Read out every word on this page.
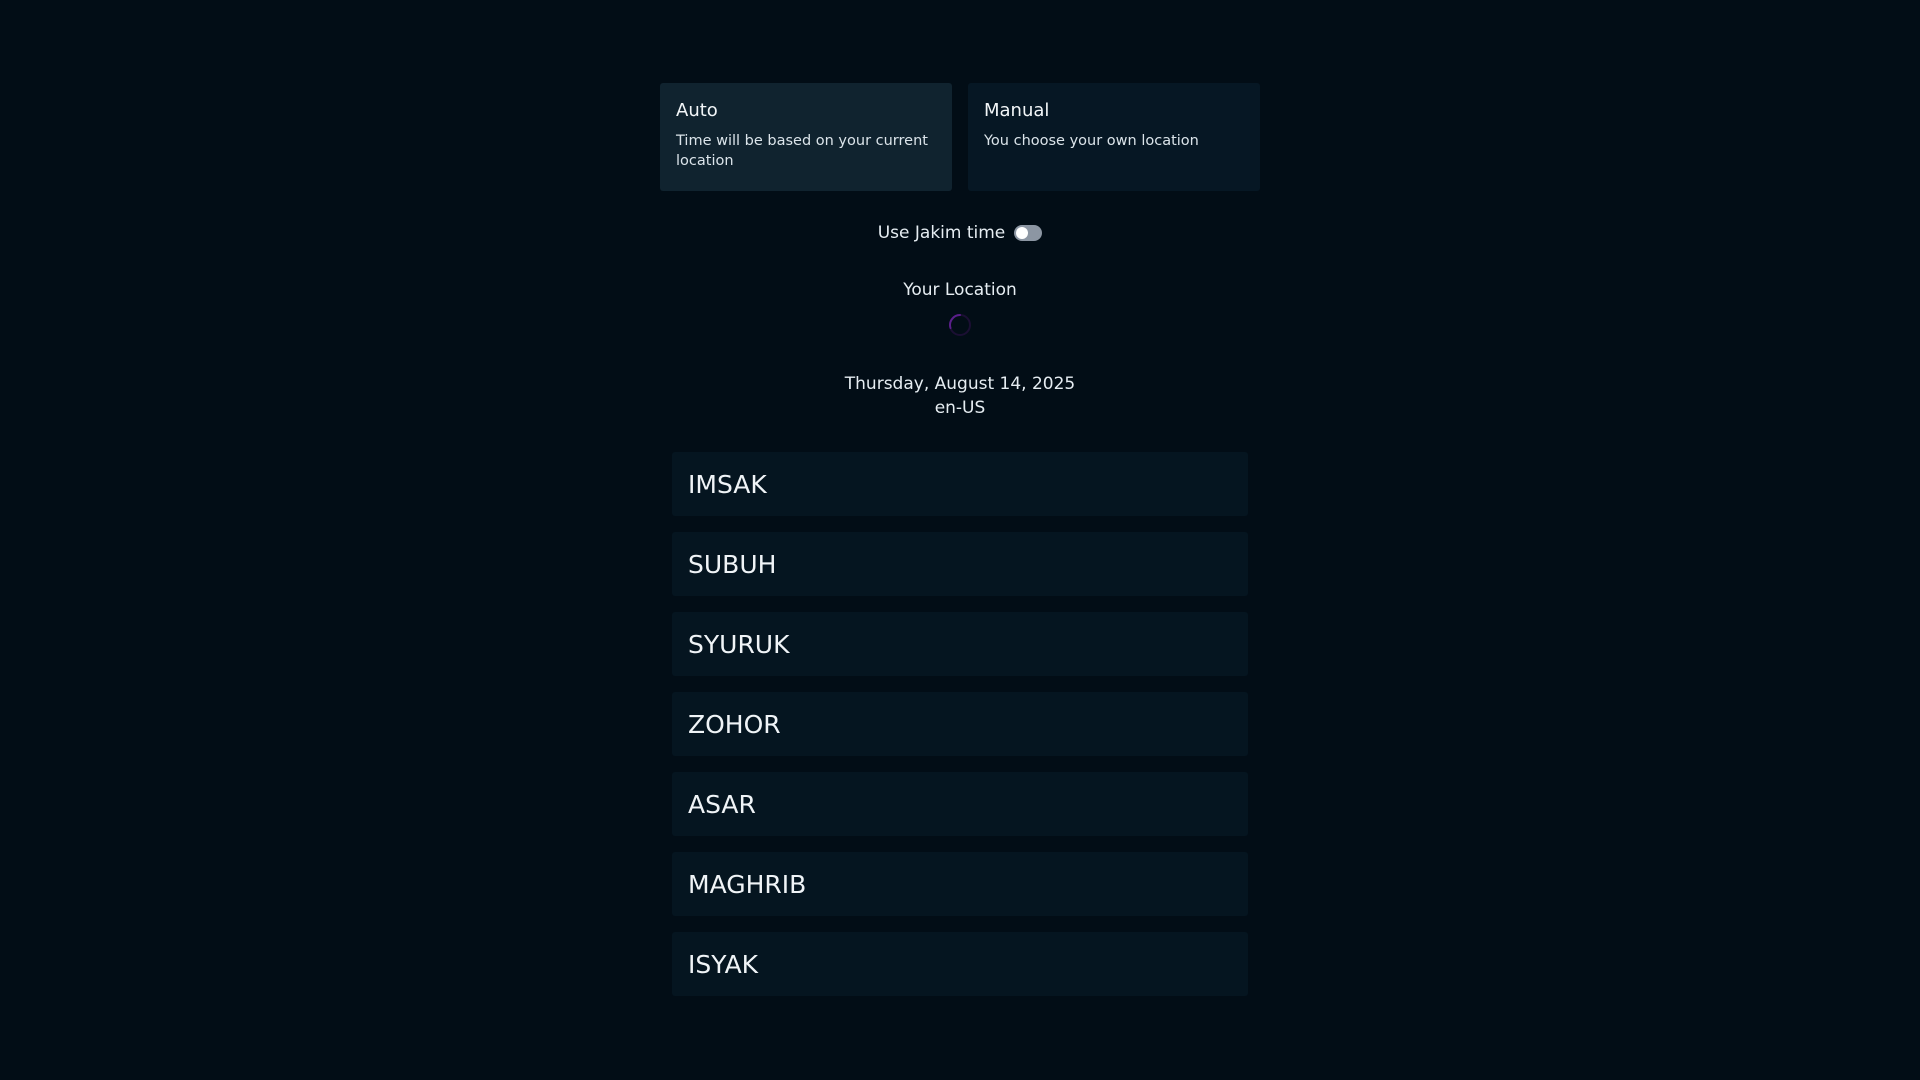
Auto
Time will be based on your current location
Manual
You choose your own location
Use Jakim time
Your Location
Thursday, August 14, 2025
en-US
IMSAK
SUBUH
SYURUK
ZOHOR
ASAR
MAGHRIB
ISYAK
